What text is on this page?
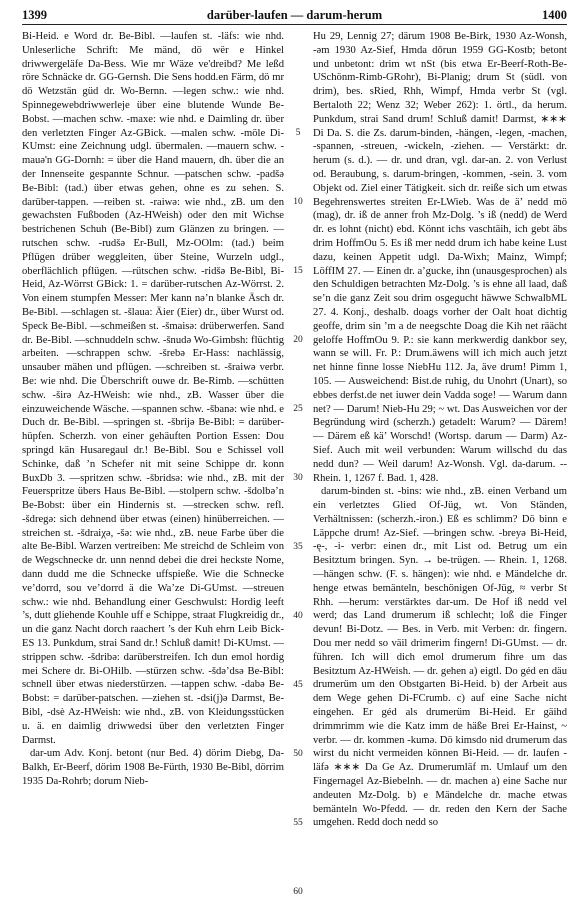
1399	darüber-laufen — darum-herum	1400

Bi-Heid. e Word dr. Be-Bibl. —laufen st. -läfs: wie nhd. Unleserliche Schrift: Me mänd, dö wër e Hinkel driwwergeläfe Da-Bess. Wie mr Wäze ve'dreibd? Me leßd röre Schnäcke dr. GG-Gernsh. Die Sens hodd.en Färm, dö mr dö Wetzstän güd dr. Wo-Bernn. —legen schw.: wie nhd. Spinnegewebdriwwerleje über eine blutende Wunde Be-Bobst. —machen schw. -maxe: wie nhd. e Daimling dr. über den verletzten Finger Az-GBick. —malen schw. -möle Di-KUmst: eine Zeichnung udgl. übermalen. —mauern schw. -mauə'n GG-Dornh: = über die Hand mauern, dh. über die an der Innenseite gespannte Schnur. —patschen schw. -padšə Be-Bibl: (tad.) über etwas gehen, ohne es zu sehen. S. darüber-tappen. —reiben st. -raiwə: wie nhd., zB. um den gewachsten Fußboden (Az-HWeish) oder den mit Wichse bestrichenen Schuh (Be-Bibl) zum Glänzen zu bringen. —rutschen schw. -rudšə Er-Bull, Mz-OOlm: (tad.) beim Pflügen drüber weggleiten, über Steine, Wurzeln udgl., oberflächlich pflügen. —rütschen schw. -ridšə Be-Bibl, Bi-Heid, Az-Wörrst GBick: 1. = darüber-rutschen Az-Wörrst. 2. Von einem stumpfen Messer: Mer kann nə’n blanke Äsch dr. Be-Bibl. —schlagen st. -šlaua: Äier (Eier) dr., über Wurst od. Speck Be-Bibl. —schmeißen st. -šmaisə: drüberwerfen. Sand dr. Be-Bibl. —schnuddeln schw. -šnudə Wo-Gimbsh: flüchtig arbeiten. —schrappen schw. -šrebə Er-Hass: nachlässig, unsauber mähen und pflügen. —schreiben st. -šraiwə verbr. Be: wie nhd. Die Überschrift ouwe dr. Be-Rimb. —schütten schw. -širə Az-HWeish: wie nhd., zB. Wasser über die einzuweichende Wäsche. —spannen schw. -šbanə: wie nhd. e Duch dr. Be-Bibl. —springen st. -šbrijə Be-Bibl: = darüber-hüpfen. Scherzh. von einer gehäuften Portion Essen: Dou springd kän Husaregaul dr.! Be-Bibl. Sou e Schissel voll Schinke, daß ’n Schefer nit mit seine Schippe dr. konn BuxDb 3. —spritzen schw. -šbridsə: wie nhd., zB. mit der Feuerspritze übers Haus Be-Bibl. —stolpern schw. -šdolbə’n Be-Bobst: über ein Hindernis st. —strecken schw. refl. -šdregə: sich dehnend über etwas (einen) hinüberreichen. —streichen st. -šdraiχə, -šə: wie nhd., zB. neue Farbe über die alte Be-Bibl. Warzen vertreiben: Me streichd de Schleim von de Wegschnecke dr. unn nennd debei die drei heckste Nome, dann dudd me die Schnecke uffspieße. Wie die Schnecke ve’dorrd, sou ve’dorrd ä die Wa’ze Di-GUmst. —streuen schw.: wie nhd. Behandlung einer Geschwulst: Hordig leeft ’s, dutt gliehende Kouhle uff e Schippe, straat Flugkreidig dr., un die ganz Nacht dorch raachert ’s der Kuh ehrn Leib Bick-ES 13. Punkdum, strai Sand dr.! Schluß damit! Di-KUmst. —strippen schw. -šdribə: darüberstreifen. Ich dun emol hordig mei Schere dr. Bi-OHilb. —stürzen schw. -šdə’dsə Be-Bibl: schnell über etwas niederstürzen. —tappen schw. -dabə Be-Bobst: = darüber-patschen. —ziehen st. -dsi(j)ə Darmst, Be-Bibl, -dsè Az-HWeish: wie nhd., zB. von Kleidungsstücken u. ä. en daimlig driwwedsi über den verletzten Finger Darmst.

dar-um Adv. Konj. betont (nur Bed. 4) dörim Diebg, Da-Balkh, Er-Beerf, dörim 1908 Be-Fürth, 1930 Be-Bibl, dörrim 1935 Da-Rohrb; dorum Nieb-

5
10
15
20
25
30
35
40
45
50
55
60

Hu 29, Lennig 27; därum 1908 Be-Birk, 1930 Az-Wonsh, -əm 1930 Az-Sief, Hmda dǒrun 1959 GG-Kostb; betont und unbetont: drim wt nSt (bis etwa Er-Beerf-Roth-Be-USchönm-Rimb-GRohr), Bi-Planig; drum St (südl. von drim), bes. sRied, Rhh, Wimpf, Hmda verbr St (vgl. Bertaloth 22; Wenz 32; Weber 262): 1. örtl., da herum. Punkdum, strai Sand drum! Schluß damit! Darmst, ∗∗∗ Di Da. S. die Zs. darum-binden, -hängen, -legen, -machen, -spannen, -streuen, -wickeln, -ziehen. — Verstärkt: dr. herum (s. d.). — dr. und dran, vgl. dar-an. 2. von Verlust od. Beraubung, s. darum-bringen, -kommen, -sein. 3. vom Objekt od. Ziel einer Tätigkeit. sich dr. reiße sich um etwas Begehrenswertes streiten Er-LWieb. Was de ä’ nedd mö (mag), dr. iß de anner froh Mz-Dolg. ’s iß (nedd) de Werd dr. es lohnt (nicht) ebd. Könnt ichs vaschtäih, ich gebt äbs drim HoffmOu 5. Es iß mer nedd drum ich habe keine Lust dazu, keinen Appetit udgl. Da-Wixh; Mainz, Wimpf; LöffIM 27. — Einen dr. a’gucke, ihn (unausgesprochen) als den Schuldigen betrachten Mz-Dolg. ’s is ehne all laad, daß se’n die ganz Zeit sou drim osgegucht häwwe SchwalbML 27. 4. Konj., deshalb. doags vorher der Oalt hoat dichtig geoffe, drim sin ’m a de neegschte Doag die Kih net räächt geloffe HoffmOu 9. P.: sie kann merkwerdig dankbor sey, wann se will. Fr. P.: Drum.äwens will ich mich auch jetzt net hinne finne losse NiebHu 112. Ja, äve drum! Pimm 1, 105. — Ausweichend: Bist.de ruhig, du Unohrt (Unart), so ebbes derfst.de net iuwer dein Vadda soge! — Warum dann net? — Darum! Nieb-Hu 29; ~ wt. Das Ausweichen vor der Begründung wird (scherzh.) getadelt: Warum? — Därem! — Därem eß kä’ Worschd! (Wortsp. darum — Darm) Az-Sief. Auch mit weil verbunden: Warum willschd du das nedd dun? — Weil darum! Az-Wonsh. Vgl. da-darum. -- Rhein. 1, 1267 f. Bad. 1, 428.

darum-binden st. -bins: wie nhd., zB. einen Verband um ein verletztes Glied Of-Jüg, wt. Von Ständen, Verhältnissen: (scherzh.-iron.) Eß es schlimm? Dö binn e Läppche drum! Az-Sief. —bringen schw. -breyə Bi-Heid, -ę-, -i- verbr: einen dr., mit List od. Betrug um ein Besitztum bringen. Syn. → be-trügen. — Rhein. 1, 1268. —hängen schw. (F. s. hängen): wie nhd. e Mändelche dr. henge etwas bemänteln, beschönigen Of-Jüg, ≈ verbr St Rhh. —herum: verstärktes dar-um. De Hof iß nedd vel werd; das Land drumerum iß schlecht; loß die Finger devun! Bi-Dotz. — Bes. in Verb. mit Verben: dr. fingern. Dou mer nedd so väil drimerim fingern! Di-GUmst. — dr. führen. Ich will dich emol drumerum fihre um das Besitztum Az-HWeish. — dr. gehen a) eigtl. Do géd en däu drumerüm um den Obstgarten Bi-Heid. b) der Arbeit aus dem Wege gehen Di-FCrumb. c) auf eine Sache nicht eingehen. Er géd als drumerüm Bi-Heid. Er gäihd drimmrimm wie die Katz imm de häße Brei Er-Hainst, ~ verbr. — dr. kommen -kumə. Dö kimsdo nid drumerum das wirst du nicht vermeiden können Bi-Heid. — dr. laufen -läfə ∗∗∗ Da Ge Az. Drumerumläf m. Umlauf um den Fingernagel Az-Biebelnh. — dr. machen a) eine Sache nur andeuten Mz-Dolg. b) e Mändelche dr. mache etwas bemänteln Wo-Pfedd. — dr. reden den Kern der Sache umgehen. Redd doch nedd so
